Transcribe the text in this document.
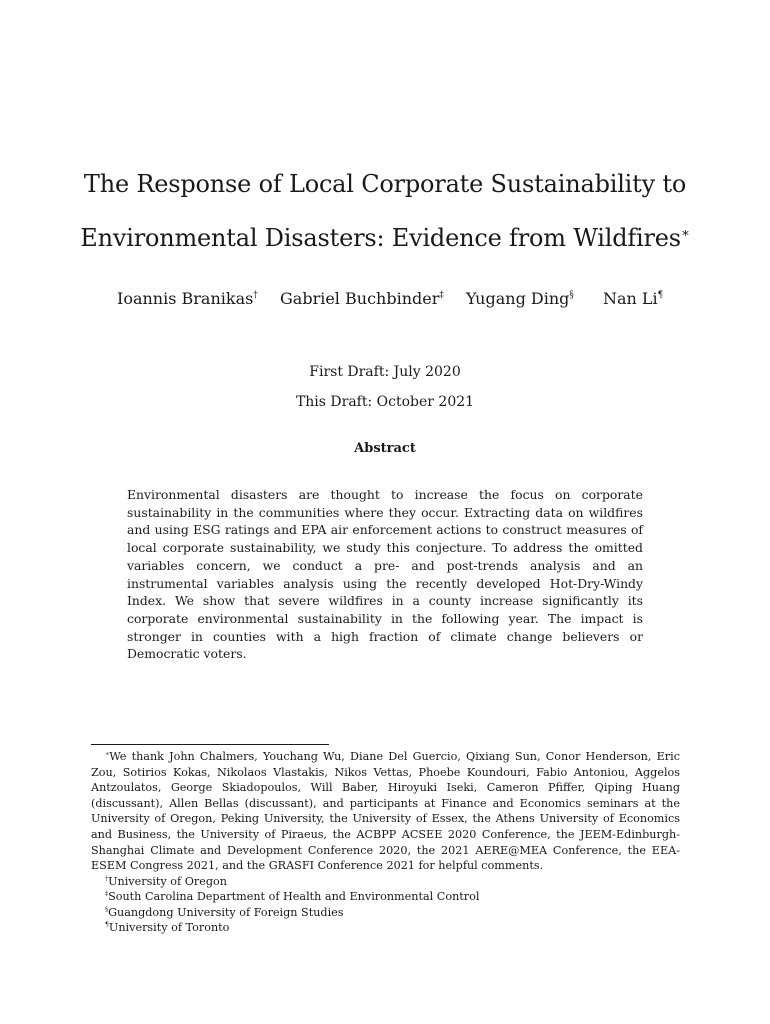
The Response of Local Corporate Sustainability to
Environmental Disasters: Evidence from Wildfires∗
Ioannis Branikas† Gabriel Buchbinder‡ Yugang Ding§ Nan Li¶
First Draft: July 2020
This Draft: October 2021
Abstract
Environmental disasters are thought to increase the focus on corporate sustainability in the communities where they occur. Extracting data on wildfires and using ESG ratings and EPA air enforcement actions to construct measures of local corporate sustainability, we study this conjecture. To address the omitted variables concern, we conduct a pre- and post-trends analysis and an instrumental variables analysis using the recently developed Hot-Dry-Windy Index. We show that severe wildfires in a county increase significantly its corporate environmental sustainability in the following year. The impact is stronger in counties with a high fraction of climate change believers or Democratic voters.

∗We thank John Chalmers, Youchang Wu, Diane Del Guercio, Qixiang Sun, Conor Henderson, Eric Zou, Sotirios Kokas, Nikolaos Vlastakis, Nikos Vettas, Phoebe Koundouri, Fabio Antoniou, Aggelos Antzoulatos, George Skiadopoulos, Will Baber, Hiroyuki Iseki, Cameron Pfiffer, Qiping Huang (discussant), Allen Bellas (discussant), and participants at Finance and Economics seminars at the University of Oregon, Peking University, the University of Essex, the Athens University of Economics and Business, the University of Piraeus, the ACBPP ACSEE 2020 Conference, the JEEM-Edinburgh-Shanghai Climate and Development Conference 2020, the 2021 AERE@MEA Conference, the EEA-ESEM Congress 2021, and the GRASFI Conference 2021 for helpful comments.

†University of Oregon
‡South Carolina Department of Health and Environmental Control
§Guangdong University of Foreign Studies
¶University of Toronto
